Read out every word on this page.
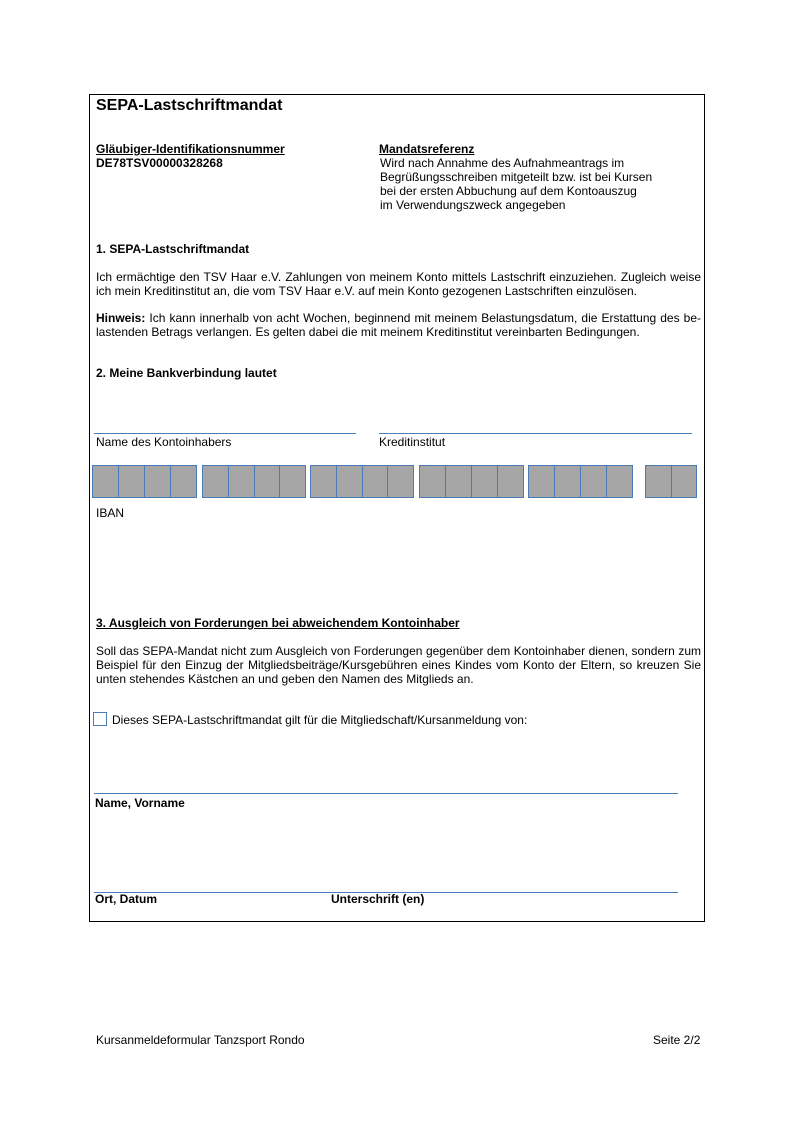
SEPA-Lastschriftmandat
Gläubiger-Identifikationsnummer
DE78TSV00000328268
Mandatsreferenz
Wird nach Annahme des Aufnahmeantrags im
Begrüßungsschreiben mitgeteilt bzw. ist bei Kursen
bei der ersten Abbuchung auf dem Kontoauszug
im Verwendungszweck angegeben
1. SEPA-Lastschriftmandat
Ich ermächtige den TSV Haar e.V. Zahlungen von meinem Konto mittels Lastschrift einzuziehen. Zugleich weise
ich mein Kreditinstitut an, die vom TSV Haar e.V. auf mein Konto gezogenen Lastschriften einzulösen.
Hinweis: Ich kann innerhalb von acht Wochen, beginnend mit meinem Belastungsdatum, die Erstattung des be-
lastenden Betrags verlangen. Es gelten dabei die mit meinem Kreditinstitut vereinbarten Bedingungen.
2. Meine Bankverbindung lautet
Name des Kontoinhabers	Kreditinstitut
IBAN
3. Ausgleich von Forderungen bei abweichendem Kontoinhaber
Soll das SEPA-Mandat nicht zum Ausgleich von Forderungen gegenüber dem Kontoinhaber dienen, sondern zum
Beispiel für den Einzug der Mitgliedsbeiträge/Kursgebühren eines Kindes vom Konto der Eltern, so kreuzen Sie
unten stehendes Kästchen an und geben den Namen des Mitglieds an.
Dieses SEPA-Lastschriftmandat gilt für die Mitgliedschaft/Kursanmeldung von:
Name, Vorname
Ort, Datum	Unterschrift (en)
Kursanmeldeformular Tanzsport Rondo	Seite 2/2
